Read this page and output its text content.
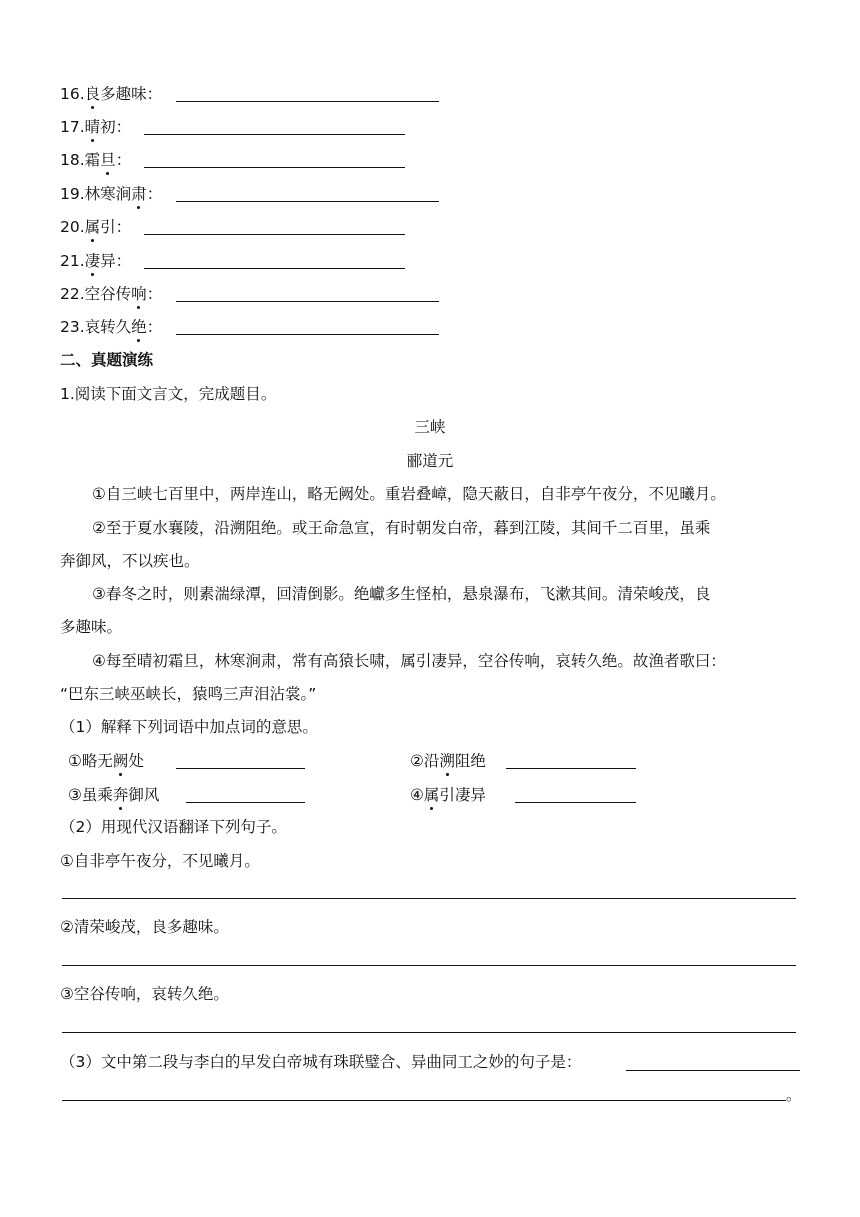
16.良多趣味：
17.晴初：
18.霜旦：
19.林寒涧肃：
20.属引：
21.凄异：
22.空谷传响：
23.哀转久绝：
二、真题演练
1.阅读下面文言文，完成题目。
三峡
郦道元
①自三峡七百里中，两岸连山，略无阙处。重岩叠嶂，隐天蔽日，自非亭午夜分，不见曦月。
②至于夏水襄陵，沿溯阻绝。或王命急宣，有时朝发白帝，暮到江陵，其间千二百里，虽乘
奔御风，不以疾也。
③春冬之时，则素湍绿潭，回清倒影。绝巘多生怪柏，悬泉瀑布，飞漱其间。清荣峻茂，良
多趣味。
④每至晴初霜旦，林寒涧肃，常有高猿长啸，属引凄异，空谷传响，哀转久绝。故渔者歌曰：
“巴东三峡巫峡长，猿鸣三声泪沾裳。”
（1）解释下列词语中加点词的意思。
①略无阙处	②沿溯阻绝
③虽乘奔御风	④属引凄异
（2）用现代汉语翻译下列句子。
①自非亭午夜分，不见曦月。
②清荣峻茂，良多趣味。
③空谷传响，哀转久绝。
（3）文中第二段与李白的早发白帝城有珠联璧合、异曲同工之妙的句子是：
。
